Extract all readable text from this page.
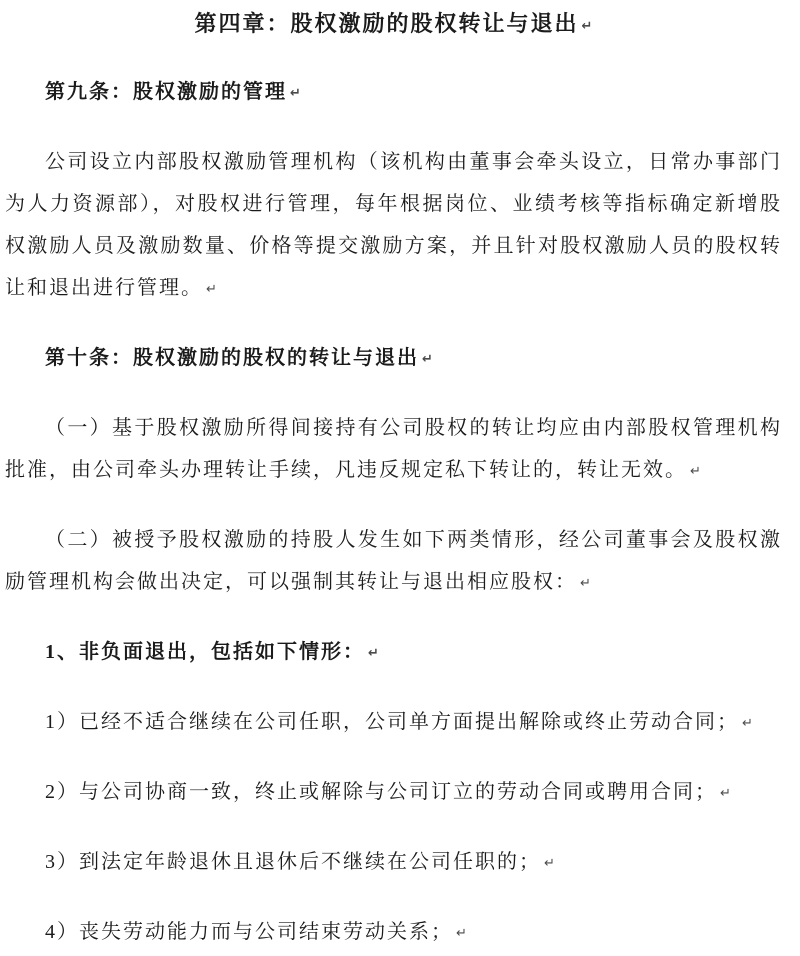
第四章：股权激励的股权转让与退出 ↵

第九条：股权激励的管理 ↵

公司设立内部股权激励管理机构（该机构由董事会牵头设立，日常办事部门为人力资源部），对股权进行管理，每年根据岗位、业绩考核等指标确定新增股权激励人员及激励数量、价格等提交激励方案，并且针对股权激励人员的股权转让和退出进行管理。 ↵

第十条：股权激励的股权的转让与退出 ↵

（一）基于股权激励所得间接持有公司股权的转让均应由内部股权管理机构批准，由公司牵头办理转让手续，凡违反规定私下转让的，转让无效。 ↵

（二）被授予股权激励的持股人发生如下两类情形，经公司董事会及股权激励管理机构会做出决定，可以强制其转让与退出相应股权： ↵

1、非负面退出，包括如下情形： ↵

1）已经不适合继续在公司任职，公司单方面提出解除或终止劳动合同； ↵

2）与公司协商一致，终止或解除与公司订立的劳动合同或聘用合同； ↵

3）到法定年龄退休且退休后不继续在公司任职的； ↵

4）丧失劳动能力而与公司结束劳动关系； ↵
